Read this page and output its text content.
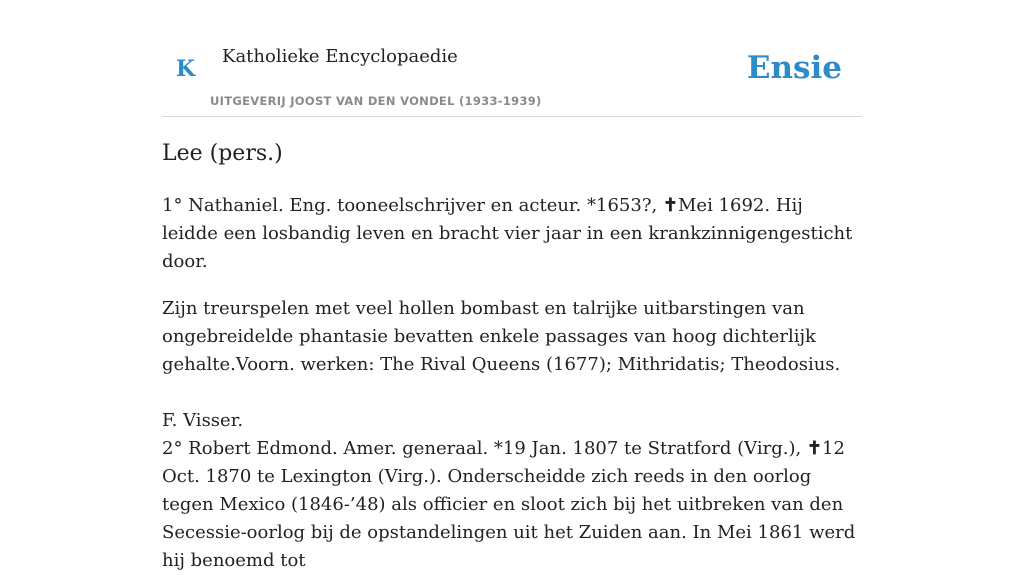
K Katholieke Encyclopaedie
UITGEVERIJ JOOST VAN DEN VONDEL (1933-1939)
Ensie
Lee (pers.)

1° Nathaniel. Eng. tooneelschrijver en acteur. *1653?, ✝Mei 1692. Hij leidde een losbandig leven en bracht vier jaar in een krankzinnigengesticht door.

Zijn treurspelen met veel hollen bombast en talrijke uitbarstingen van ongebreidelde phantasie bevatten enkele passages van hoog dichterlijk gehalte.Voorn. werken: The Rival Queens (1677); Mithridatis; Theodosius.

F. Visser.

2° Robert Edmond. Amer. generaal. *19 Jan. 1807 te Stratford (Virg.), ✝12 Oct. 1870 te Lexington (Virg.). Onderscheidde zich reeds in den oorlog tegen Mexico (1846-’48) als officier en sloot zich bij het uitbreken van den Secessie-oorlog bij de opstandelingen uit het Zuiden aan. In Mei 1861 werd hij benoemd tot
